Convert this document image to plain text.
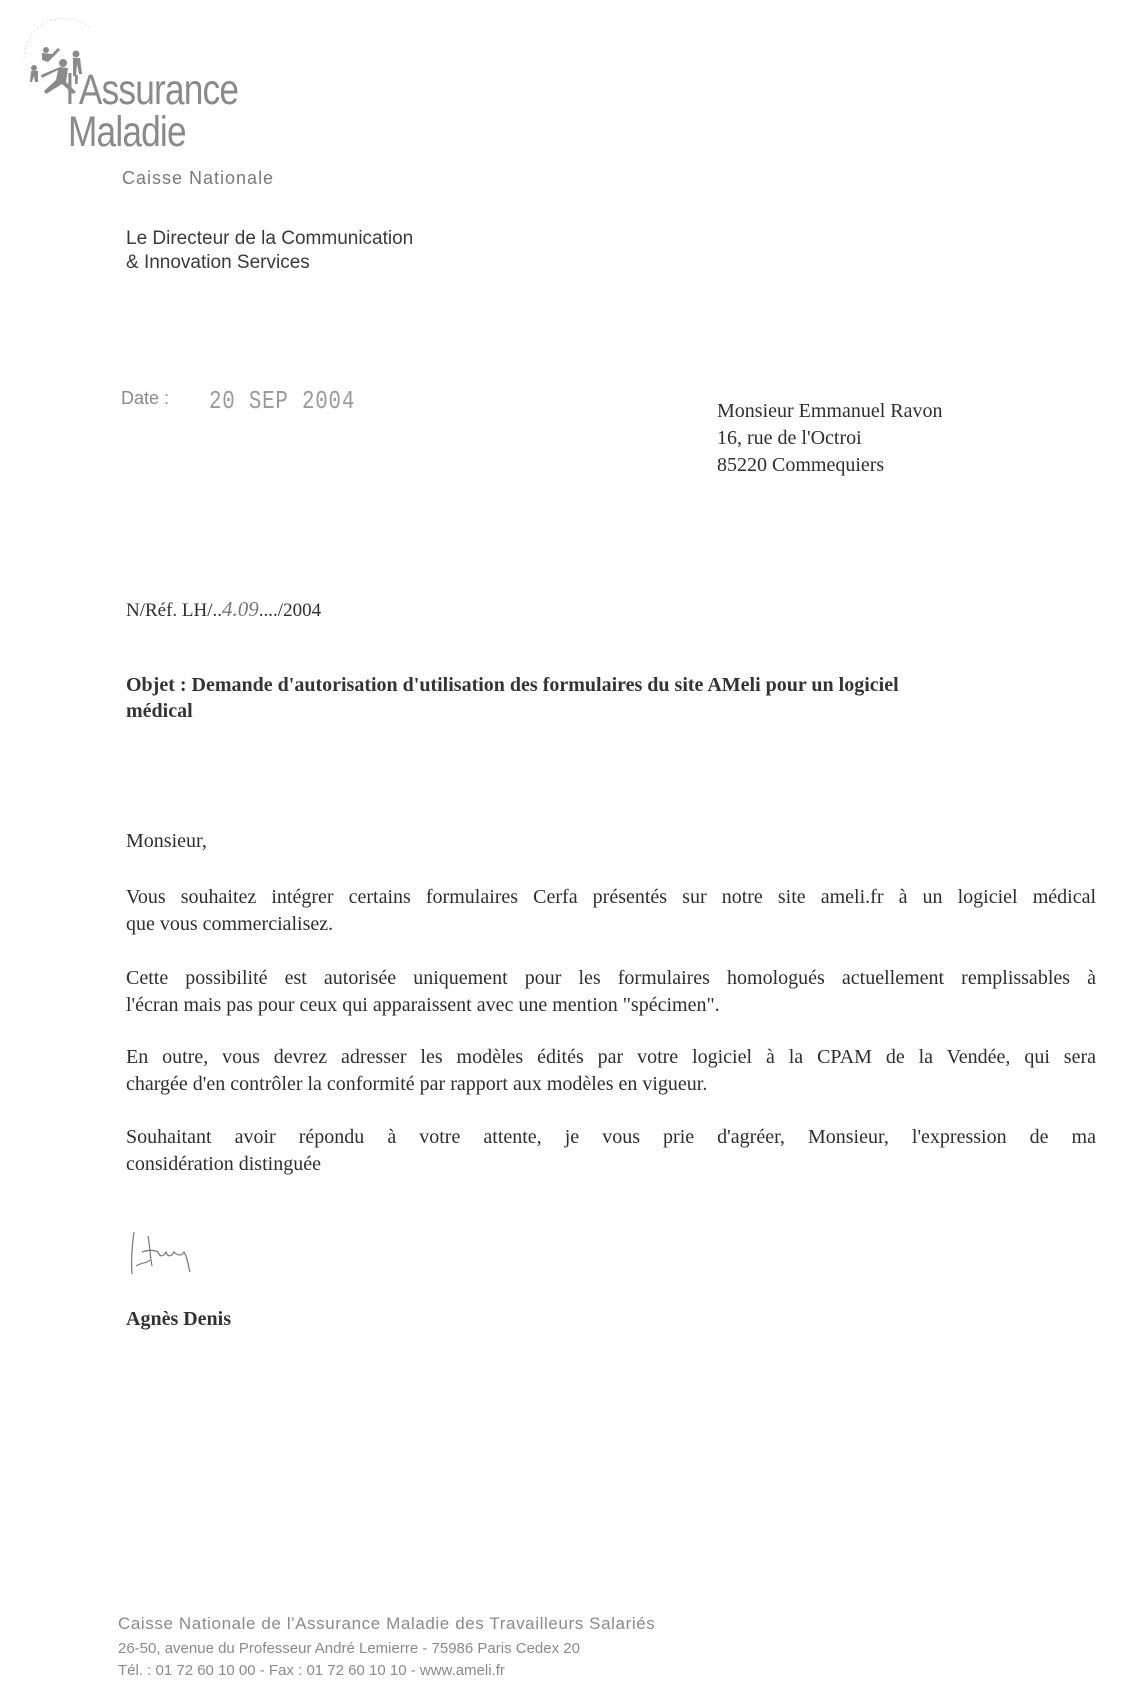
l'Assurance
Maladie
Caisse Nationale
Le Directeur de la Communication
& Innovation Services
Date : 20 SEP 2004	Monsieur Emmanuel Ravon
16, rue de l'Octroi
85220 Commequiers
N/Réf. LH/..4.09..../2004
Objet : Demande d'autorisation d'utilisation des formulaires du site AMeli pour un logiciel
médical
Monsieur,
Vous souhaitez intégrer certains formulaires Cerfa présentés sur notre site ameli.fr à un logiciel médical
que vous commercialisez.
Cette possibilité est autorisée uniquement pour les formulaires homologués actuellement remplissables à
l'écran mais pas pour ceux qui apparaissent avec une mention "spécimen".
En outre, vous devrez adresser les modèles édités par votre logiciel à la CPAM de la Vendée, qui sera
chargée d'en contrôler la conformité par rapport aux modèles en vigueur.
Souhaitant avoir répondu à votre attente, je vous prie d'agréer, Monsieur, l'expression de ma
considération distinguée
Agnès Denis
Caisse Nationale de l'Assurance Maladie des Travailleurs Salariés
26-50, avenue du Professeur André Lemierre - 75986 Paris Cedex 20
Tél. : 01 72 60 10 00 - Fax : 01 72 60 10 10 - www.ameli.fr
